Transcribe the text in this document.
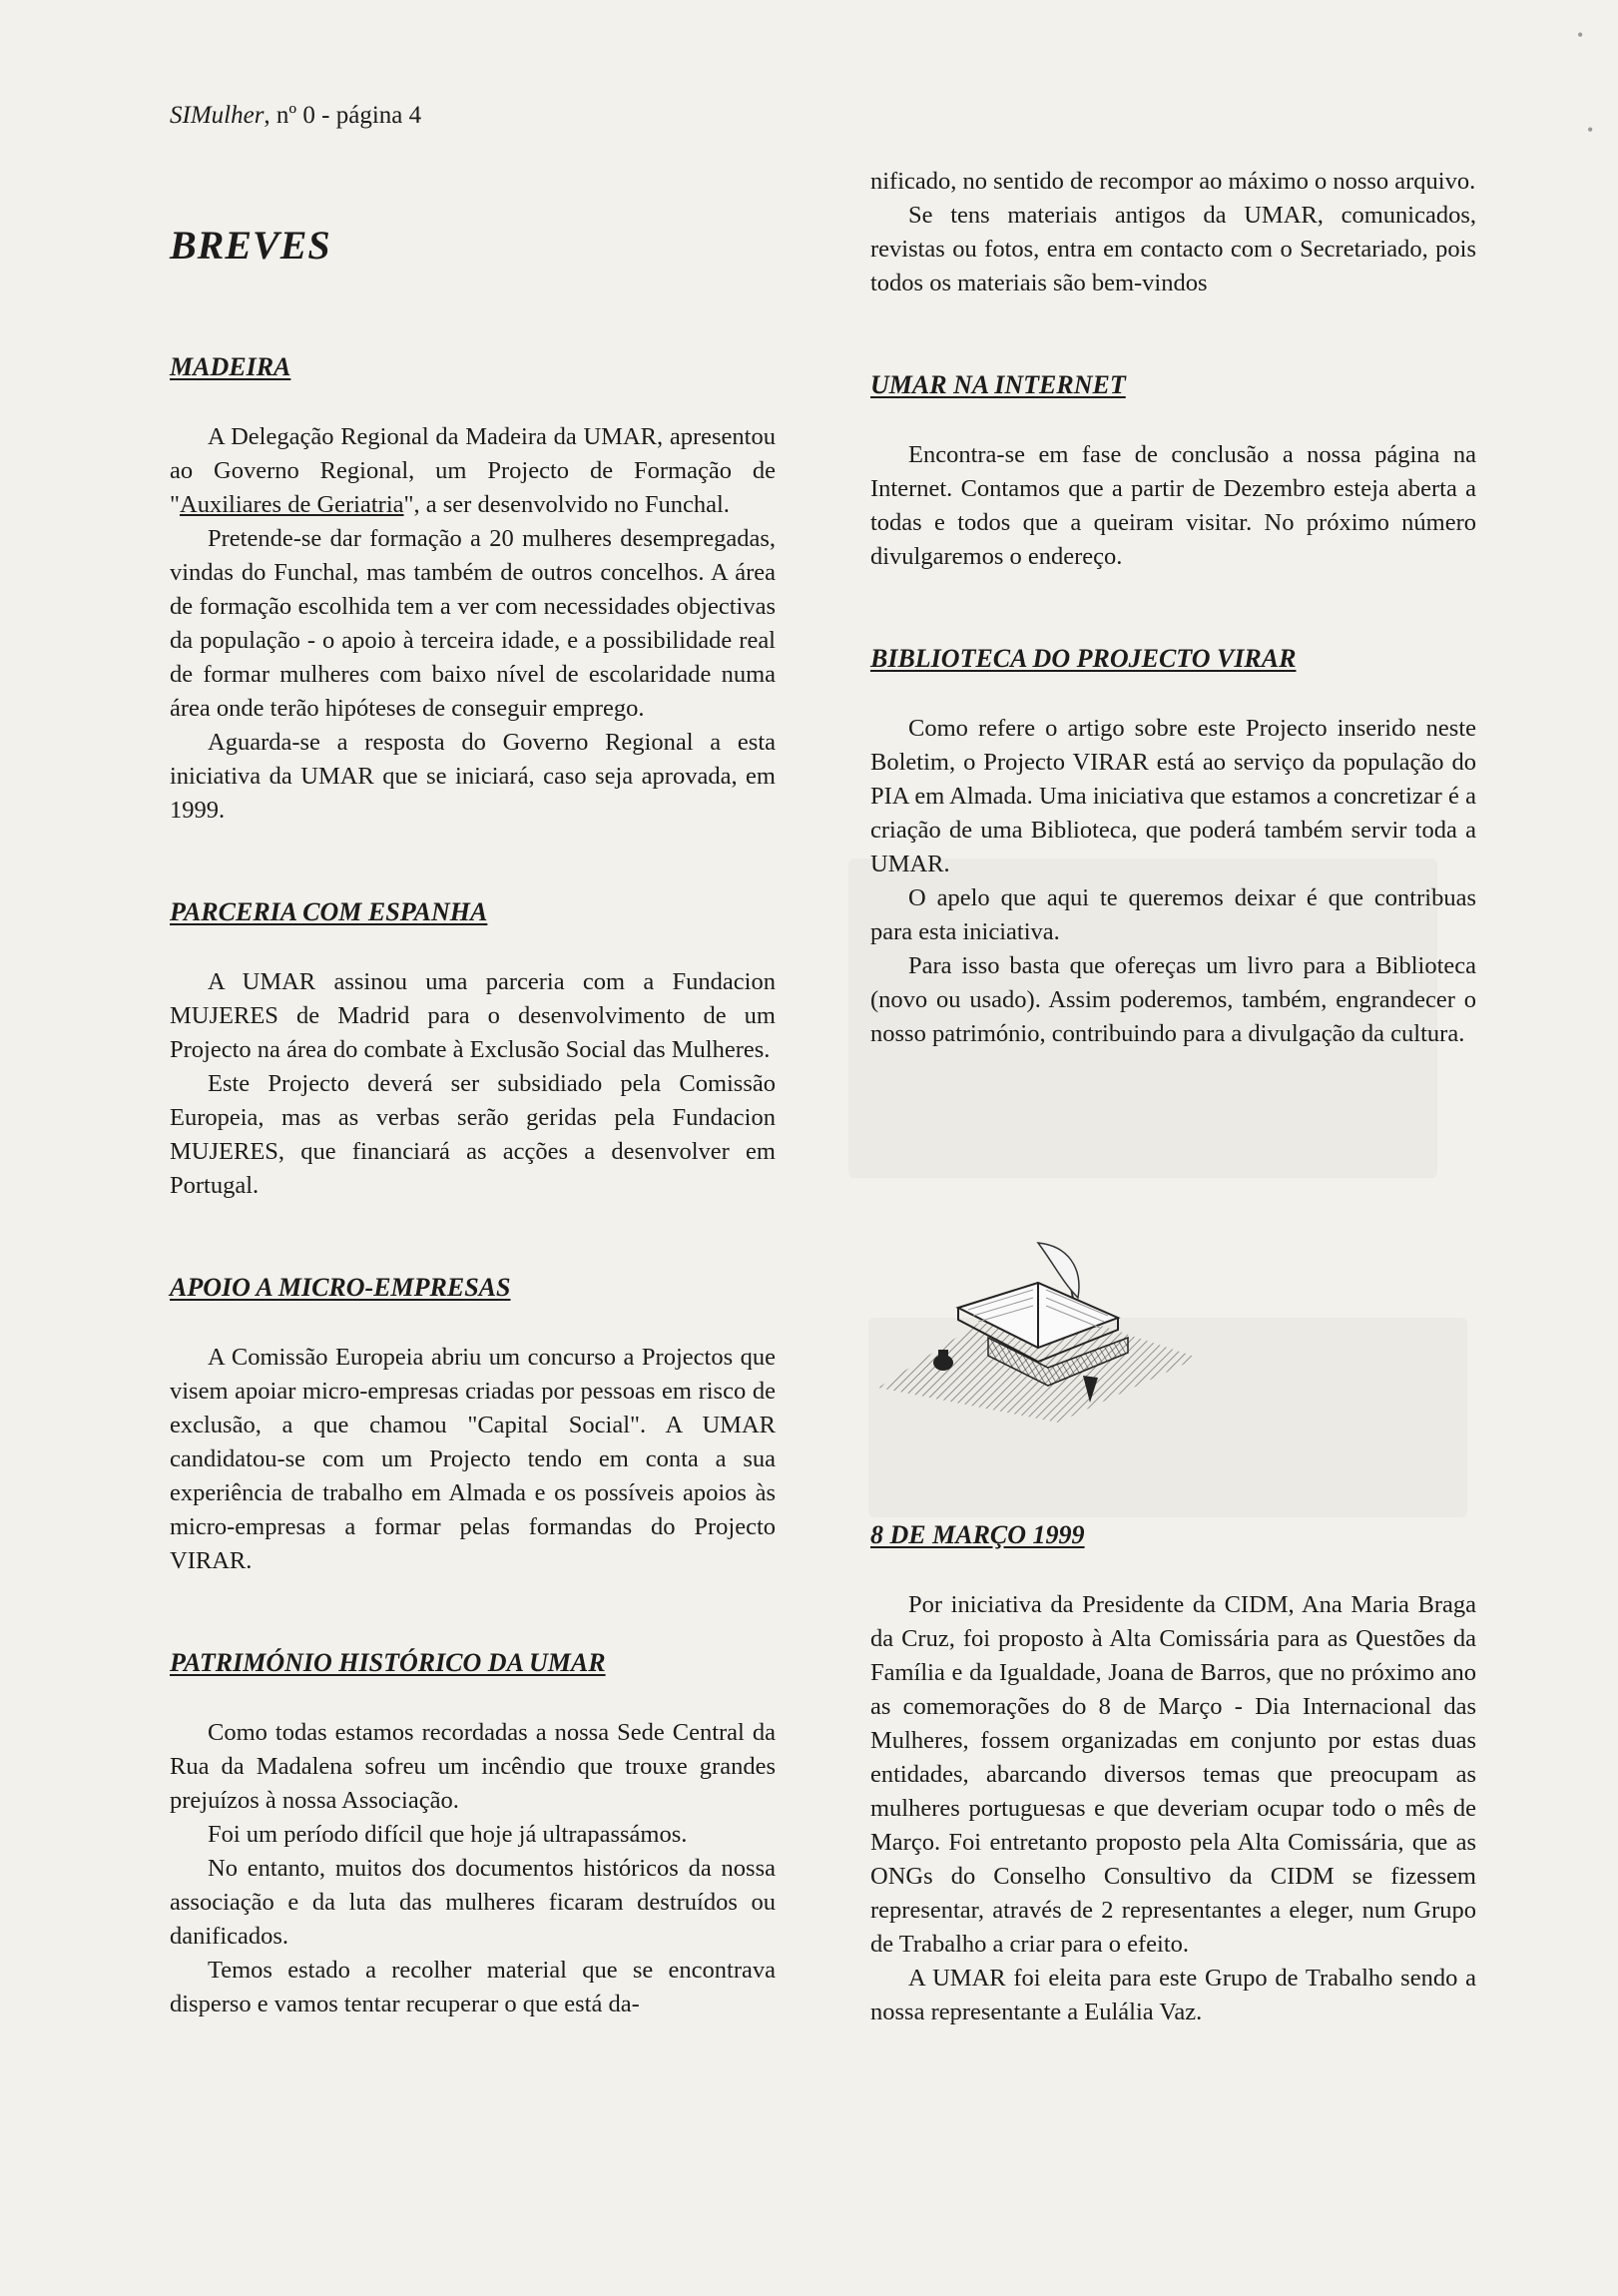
SIMulher, nº 0 - página 4

BREVES
MADEIRA

A Delegação Regional da Madeira da UMAR, apresentou ao Governo Regional, um Projecto de Formação de "Auxiliares de Geriatria", a ser desenvolvido no Funchal.

Pretende-se dar formação a 20 mulheres desempregadas, vindas do Funchal, mas também de outros concelhos. A área de formação escolhida tem a ver com necessidades objectivas da população - o apoio à terceira idade, e a possibilidade real de formar mulheres com baixo nível de escolaridade numa área onde terão hipóteses de conseguir emprego.

Aguarda-se a resposta do Governo Regional a esta iniciativa da UMAR que se iniciará, caso seja aprovada, em 1999.

PARCERIA COM ESPANHA

A UMAR assinou uma parceria com a Fundacion MUJERES de Madrid para o desenvolvimento de um Projecto na área do combate à Exclusão Social das Mulheres.

Este Projecto deverá ser subsidiado pela Comissão Europeia, mas as verbas serão geridas pela Fundacion MUJERES, que financiará as acções a desenvolver em Portugal.

APOIO A MICRO-EMPRESAS

A Comissão Europeia abriu um concurso a Projectos que visem apoiar micro-empresas criadas por pessoas em risco de exclusão, a que chamou "Capital Social". A UMAR candidatou-se com um Projecto tendo em conta a sua experiência de trabalho em Almada e os possíveis apoios às micro-empresas a formar pelas formandas do Projecto VIRAR.

PATRIMÓNIO HISTÓRICO DA UMAR

Como todas estamos recordadas a nossa Sede Central da Rua da Madalena sofreu um incêndio que trouxe grandes prejuízos à nossa Associação.

Foi um período difícil que hoje já ultrapassámos.

No entanto, muitos dos documentos históricos da nossa associação e da luta das mulheres ficaram destruídos ou danificados.

Temos estado a recolher material que se encontrava disperso e vamos tentar recuperar o que está da-

nificado, no sentido de recompor ao máximo o nosso arquivo.

Se tens materiais antigos da UMAR, comunicados, revistas ou fotos, entra em contacto com o Secretariado, pois todos os materiais são bem-vindos

UMAR NA INTERNET

Encontra-se em fase de conclusão a nossa página na Internet. Contamos que a partir de Dezembro esteja aberta a todas e todos que a queiram visitar. No próximo número divulgaremos o endereço.

BIBLIOTECA DO PROJECTO VIRAR

Como refere o artigo sobre este Projecto inserido neste Boletim, o Projecto VIRAR está ao serviço da população do PIA em Almada. Uma iniciativa que estamos a concretizar é a criação de uma Biblioteca, que poderá também servir toda a UMAR.

O apelo que aqui te queremos deixar é que contribuas para esta iniciativa.

Para isso basta que ofereças um livro para a Biblioteca (novo ou usado). Assim poderemos, também, engrandecer o nosso património, contribuindo para a divulgação da cultura.

8 DE MARÇO 1999

Por iniciativa da Presidente da CIDM, Ana Maria Braga da Cruz, foi proposto à Alta Comissária para as Questões da Família e da Igualdade, Joana de Barros, que no próximo ano as comemorações do 8 de Março - Dia Internacional das Mulheres, fossem organizadas em conjunto por estas duas entidades, abarcando diversos temas que preocupam as mulheres portuguesas e que deveriam ocupar todo o mês de Março. Foi entretanto proposto pela Alta Comissária, que as ONGs do Conselho Consultivo da CIDM se fizessem representar, através de 2 representantes a eleger, num Grupo de Trabalho a criar para o efeito.

A UMAR foi eleita para este Grupo de Trabalho sendo a nossa representante a Eulália Vaz.

•
•
